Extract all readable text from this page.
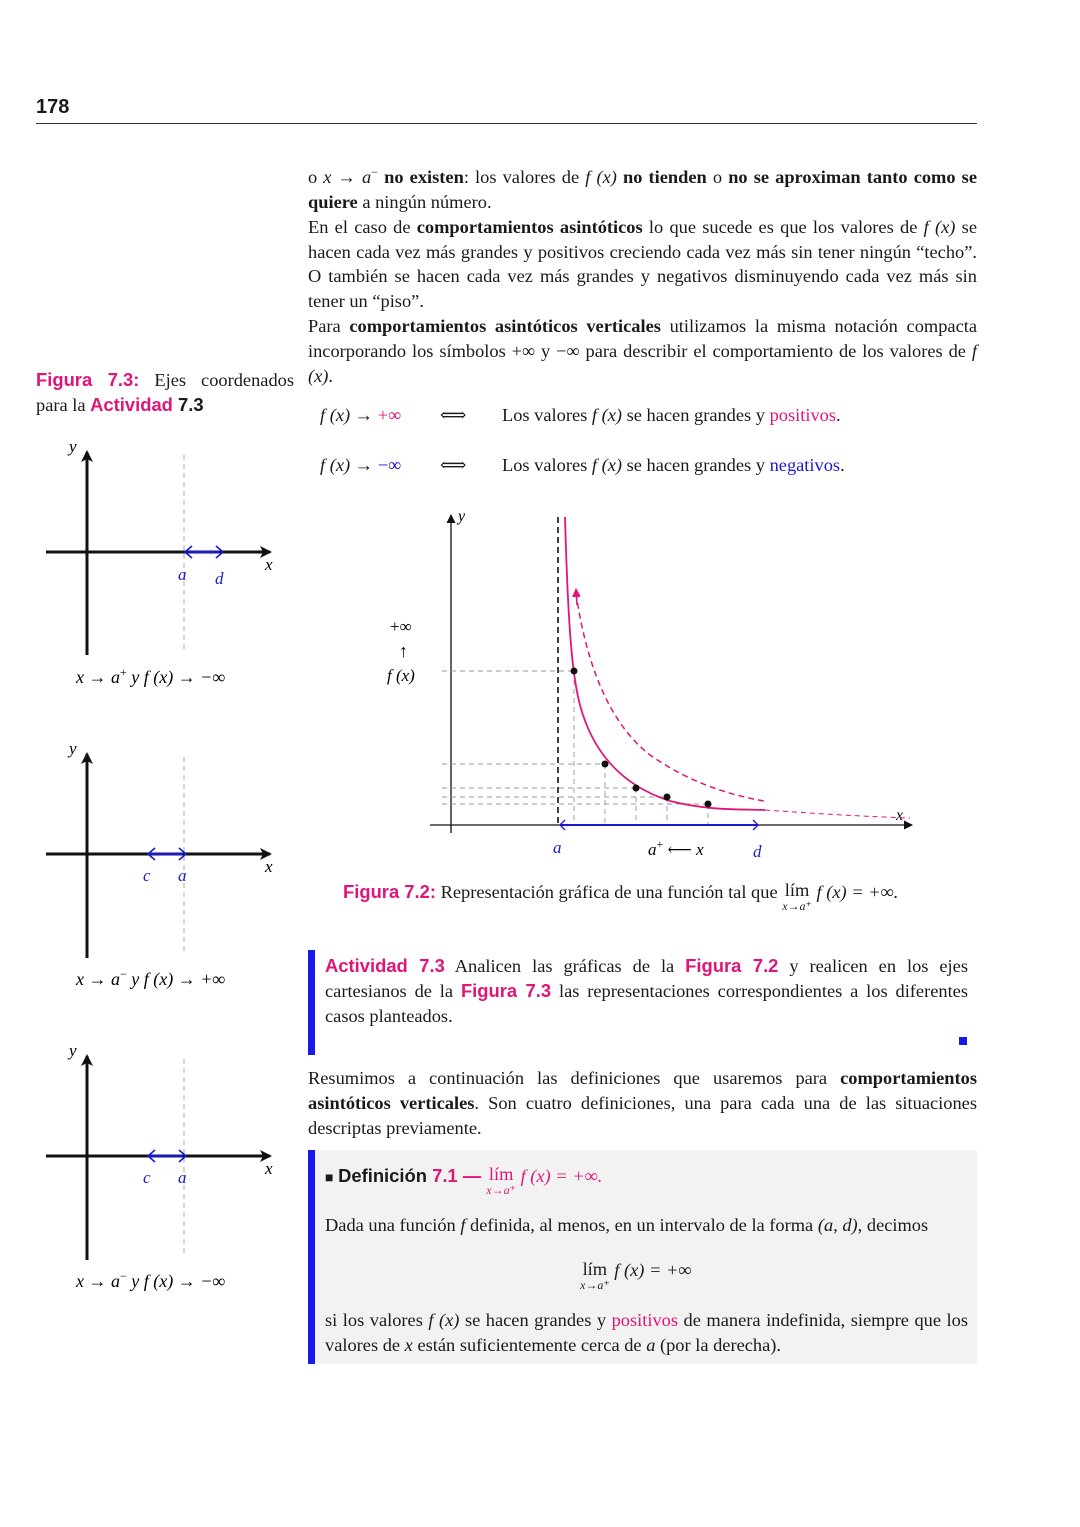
178
o x → a− no existen: los valores de f (x) no tienden o no se aproximan tanto como se quiere a ningún número.
En el caso de comportamientos asintóticos lo que sucede es que los valores de f (x) se hacen cada vez más grandes y positivos creciendo cada vez más sin tener ningún “techo”. O también se hacen cada vez más grandes y negativos disminuyendo cada vez más sin tener un “piso”.
Para comportamientos asintóticos verticales utilizamos la misma notación compacta incorporando los símbolos +∞ y −∞ para describir el comportamiento de los valores de f (x).
Figura 7.3: Ejes coordenados para la Actividad 7.3
f (x) → +∞ ⟺ Los valores f (x) se hacen grandes y positivos.
f (x) → −∞ ⟺ Los valores f (x) se hacen grandes y negativos.
y
x
a d
x → a+ y f (x) → −∞
y
x
c a
x → a− y f (x) → +∞
y
x
c a
x → a− y f (x) → −∞
y
x
+∞
↑
f (x)
a	a+ ⟵ x	d
Figura 7.2: Representación gráfica de una función tal que lím
x→a⁺
f (x) = +∞.
Actividad 7.3 Analicen las gráficas de la Figura 7.2 y realicen en los ejes cartesianos de la Figura 7.3 las representaciones correspondientes a los diferentes casos planteados.
Resumimos a continuación las definiciones que usaremos para comportamientos asintóticos verticales. Son cuatro definiciones, una para cada una de las situaciones descriptas previamente.
■ Definición 7.1 — lím
x→a⁺
f (x) = +∞.
Dada una función f definida, al menos, en un intervalo de la forma (a, d), decimos
lím
x→a⁺
f (x) = +∞
si los valores f (x) se hacen grandes y positivos de manera indefinida, siempre que los valores de x están suficientemente cerca de a (por la derecha).
